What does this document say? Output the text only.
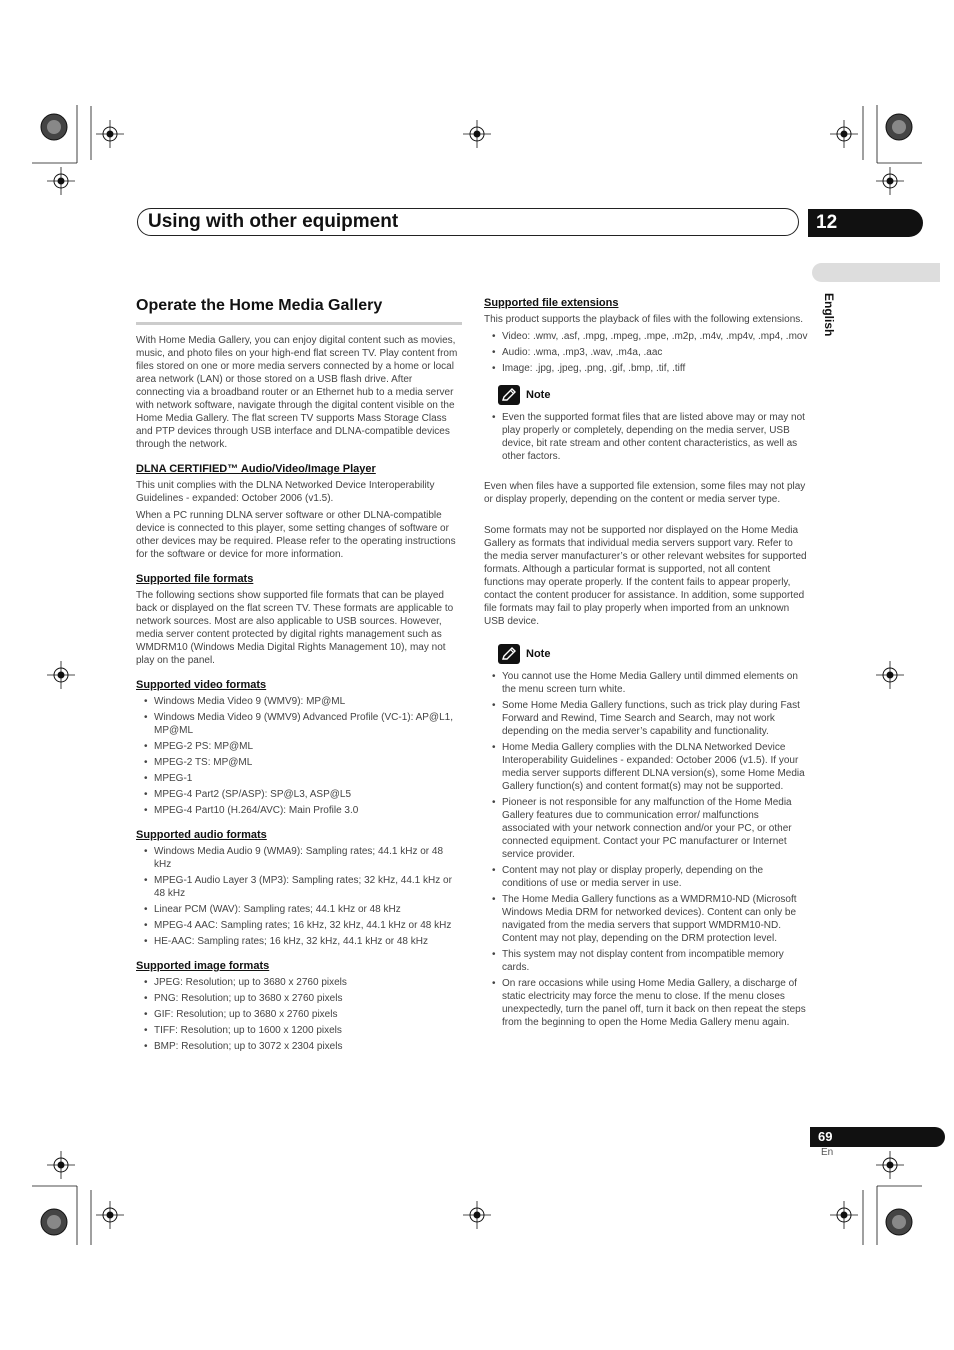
Using with other equipment	12
English
Operate the Home Media Gallery

With Home Media Gallery, you can enjoy digital content such as movies, music, and photo files on your high-end flat screen TV. Play content from files stored on one or more media servers connected by a home or local area network (LAN) or those stored on a USB flash drive. After connecting via a broadband router or an Ethernet hub to a media server with network software, navigate through the digital content visible on the Home Media Gallery. The flat screen TV supports Mass Storage Class and PTP devices through USB interface and DLNA-compatible devices through the network.

DLNA CERTIFIED™ Audio/Video/Image Player

This unit complies with the DLNA Networked Device Interoperability Guidelines - expanded: October 2006 (v1.5).

When a PC running DLNA server software or other DLNA-compatible device is connected to this player, some setting changes of software or other devices may be required. Please refer to the operating instructions for the software or device for more information.

Supported file formats

The following sections show supported file formats that can be played back or displayed on the flat screen TV. These formats are applicable to network sources. Most are also applicable to USB sources. However, media server content protected by digital rights management such as WMDRM10 (Windows Media Digital Rights Management 10), may not play on the panel.

Supported video formats
• Windows Media Video 9 (WMV9): MP@ML
• Windows Media Video 9 (WMV9) Advanced Profile (VC-1): AP@L1, MP@ML
• MPEG-2 PS: MP@ML
• MPEG-2 TS: MP@ML
• MPEG-1
• MPEG-4 Part2 (SP/ASP): SP@L3, ASP@L5
• MPEG-4 Part10 (H.264/AVC): Main Profile 3.0
Supported audio formats
• Windows Media Audio 9 (WMA9): Sampling rates; 44.1 kHz or 48 kHz
• MPEG-1 Audio Layer 3 (MP3): Sampling rates; 32 kHz, 44.1 kHz or 48 kHz
• Linear PCM (WAV): Sampling rates; 44.1 kHz or 48 kHz
• MPEG-4 AAC: Sampling rates; 16 kHz, 32 kHz, 44.1 kHz or 48 kHz
• HE-AAC: Sampling rates; 16 kHz, 32 kHz, 44.1 kHz or 48 kHz
Supported image formats
• JPEG: Resolution; up to 3680 x 2760 pixels
• PNG: Resolution; up to 3680 x 2760 pixels
• GIF: Resolution; up to 3680 x 2760 pixels
• TIFF: Resolution; up to 1600 x 1200 pixels
• BMP: Resolution; up to 3072 x 2304 pixels
Supported file extensions

This product supports the playback of files with the following extensions.

• Video: .wmv, .asf, .mpg, .mpeg, .mpe, .m2p, .m4v, .mp4v, .mp4, .mov
• Audio: .wma, .mp3, .wav, .m4a, .aac
• Image: .jpg, .jpeg, .png, .gif, .bmp, .tif, .tiff
Note
• Even the supported format files that are listed above may or may not play properly or completely, depending on the media server, USB device, bit rate stream and other content characteristics, as well as other factors.

Even when files have a supported file extension, some files may not play or display properly, depending on the content or media server type.

Some formats may not be supported nor displayed on the Home Media Gallery as formats that individual media servers support vary. Refer to the media server manufacturer’s or other relevant websites for supported formats. Although a particular format is supported, not all content functions may operate properly. If the content fails to appear properly, contact the content producer for assistance. In addition, some supported file formats may fail to play properly when imported from an unknown USB device.

Note
• You cannot use the Home Media Gallery until dimmed elements on the menu screen turn white.
• Some Home Media Gallery functions, such as trick play during Fast Forward and Rewind, Time Search and Search, may not work depending on the media server’s capability and functionality.
• Home Media Gallery complies with the DLNA Networked Device Interoperability Guidelines - expanded: October 2006 (v1.5). If your media server supports different DLNA version(s), some Home Media Gallery function(s) and content format(s) may not be supported.
• Pioneer is not responsible for any malfunction of the Home Media Gallery features due to communication error/ malfunctions associated with your network connection and/or your PC, or other connected equipment. Contact your PC manufacturer or Internet service provider.
• Content may not play or display properly, depending on the conditions of use or media server in use.
• The Home Media Gallery functions as a WMDRM10-ND (Microsoft Windows Media DRM for networked devices). Content can only be navigated from the media servers that support WMDRM10-ND. Content may not play, depending on the DRM protection level.
• This system may not display content from incompatible memory cards.
• On rare occasions while using Home Media Gallery, a discharge of static electricity may force the menu to close. If the menu closes unexpectedly, turn the panel off, turn it back on then repeat the steps from the beginning to open the Home Media Gallery menu again.
69
En
